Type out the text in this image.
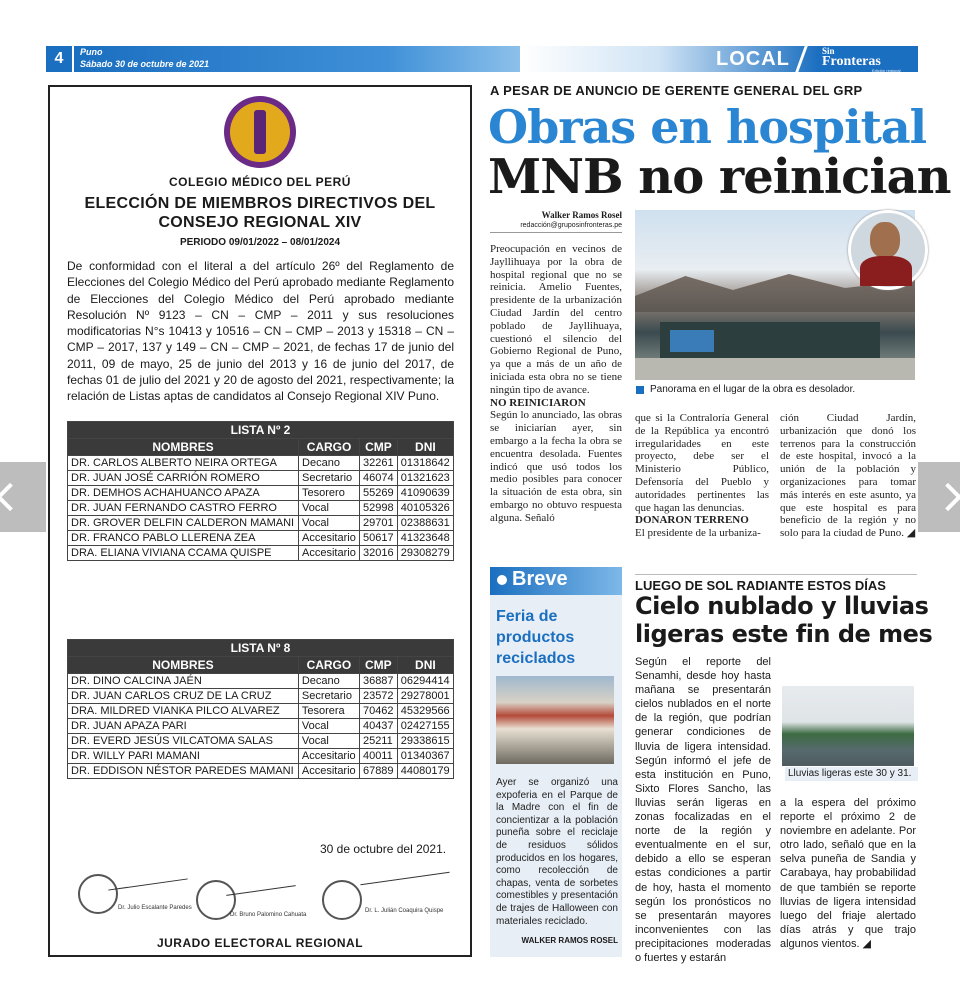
4	Puno
Sábado 30 de octubre de 2021	LOCAL	Sin
Fronteras
Edición regional
COLEGIO MÉDICO DEL PERÚ
ELECCIÓN DE MIEMBROS DIRECTIVOS DEL
CONSEJO REGIONAL XIV
PERIODO 09/01/2022 – 08/01/2024
De conformidad con el literal a del artículo 26º del Reglamento de Elecciones del Colegio Médico del Perú aprobado mediante Reglamento de Elecciones del Colegio Médico del Perú aprobado mediante Resolución Nº 9123 – CN – CMP – 2011 y sus resoluciones modificatorias N°s 10413 y 10516 – CN – CMP – 2013 y 15318 – CN – CMP – 2017, 137 y 149 – CN – CMP – 2021, de fechas 17 de junio del 2011, 09 de mayo, 25 de junio del 2013 y 16 de junio del 2017, de fechas 01 de julio del 2021 y 20 de agosto del 2021, respectivamente; la relación de Listas aptas de candidatos al Consejo Regional XIV Puno.
LISTA Nº 2			
NOMBRES	CARGO	CMP	DNI
DR. CARLOS ALBERTO NEIRA ORTEGA	Decano	32261	01318642
DR. JUAN JOSÉ CARRIÓN ROMERO	Secretario	46074	01321623
DR. DEMHOS ACHAHUANCO APAZA	Tesorero	55269	41090639
DR. JUAN FERNANDO CASTRO FERRO	Vocal	52998	40105326
DR. GROVER DELFIN CALDERON MAMANI	Vocal	29701	02388631
DR. FRANCO PABLO LLERENA ZEA	Accesitario	50617	41323648
DRA. ELIANA VIVIANA CCAMA QUISPE	Accesitario	32016	29308279
LISTA Nº 8			
NOMBRES	CARGO	CMP	DNI
DR. DINO CALCINA JAÉN	Decano	36887	06294414
DR. JUAN CARLOS CRUZ DE LA CRUZ	Secretario	23572	29278001
DRA. MILDRED VIANKA PILCO ALVAREZ	Tesorera	70462	45329566
DR. JUAN APAZA PARI	Vocal	40437	02427155
DR. EVERD JESÚS VILCATOMA SALAS	Vocal	25211	29338615
DR. WILLY PARI MAMANI	Accesitario	40011	01340367
DR. EDDISON NÉSTOR PAREDES MAMANI	Accesitario	67889	44080179
30 de octubre del 2021.
Dr. Julio Escalante Paredes
Dr. Bruno Palomino Cahuata
Dr. L. Julián Coaquira Quispe
JURADO ELECTORAL REGIONAL
A PESAR DE ANUNCIO DE GERENTE GENERAL DEL GRP
Obras en hospital
MNB no reinician
Walker Ramos Rosel
redacción@gruposinfronteras.pe
Panorama en el lugar de la obra es desolador.
Preocupación en vecinos de Jayllihuaya por la obra de hospital regional que no se reinicia. Amelio Fuentes, presidente de la urbanización Ciudad Jardín del centro poblado de Jayllihuaya, cuestionó el silencio del Gobierno Regional de Puno, ya que a más de un año de iniciada esta obra no se tiene ningún tipo de avance.
NO REINICIARON
Según lo anunciado, las obras se iniciarían ayer, sin embargo a la fecha la obra se encuentra desolada. Fuentes indicó que usó todos los medio posibles para conocer la situación de esta obra, sin embargo no obtuvo respuesta alguna. Señaló
que si la Contraloría General de la República ya encontró irregularidades en este proyecto, debe ser el Ministerio Público, Defensoría del Pueblo y autoridades pertinentes las que hagan las denuncias.
DONARON TERRENO
El presidente de la urbaniza-
ción Ciudad Jardín, urbanización que donó los terrenos para la construcción de este hospital, invocó a la unión de la población y organizaciones para tomar más interés en este asunto, ya que este hospital es para beneficio de la región y no solo para la ciudad de Puno. ◢
Breve
Feria de productos reciclados
Ayer se organizó una expoferia en el Parque de la Madre con el fin de concientizar a la población puneña sobre el reciclaje de residuos sólidos producidos en los hogares, como recolección de chapas, venta de sorbetes comestibles y presentación de trajes de Halloween con materiales reciclado.
WALKER RAMOS ROSEL
LUEGO DE SOL RADIANTE ESTOS DÍAS
Cielo nublado y lluvias
ligeras este fin de mes
Según el reporte del Senamhi, desde hoy hasta mañana se presentarán cielos nublados en el norte de la región, que podrían generar condiciones de lluvia de ligera intensidad. Según informó el jefe de esta institución en Puno, Sixto Flores Sancho, las lluvias serán ligeras en zonas focalizadas en el norte de la región y eventualmente en el sur, debido a ello se esperan estas condiciones a partir de hoy, hasta el momento según los pronósticos no se presentarán mayores inconvenientes con las precipitaciones moderadas o fuertes y estarán
Lluvias ligeras este 30 y 31.
a la espera del próximo reporte el próximo 2 de noviembre en adelante. Por otro lado, señaló que en la selva puneña de Sandia y Carabaya, hay probabilidad de que también se reporte lluvias de ligera intensidad luego del friaje alertado días atrás y que trajo algunos vientos. ◢
